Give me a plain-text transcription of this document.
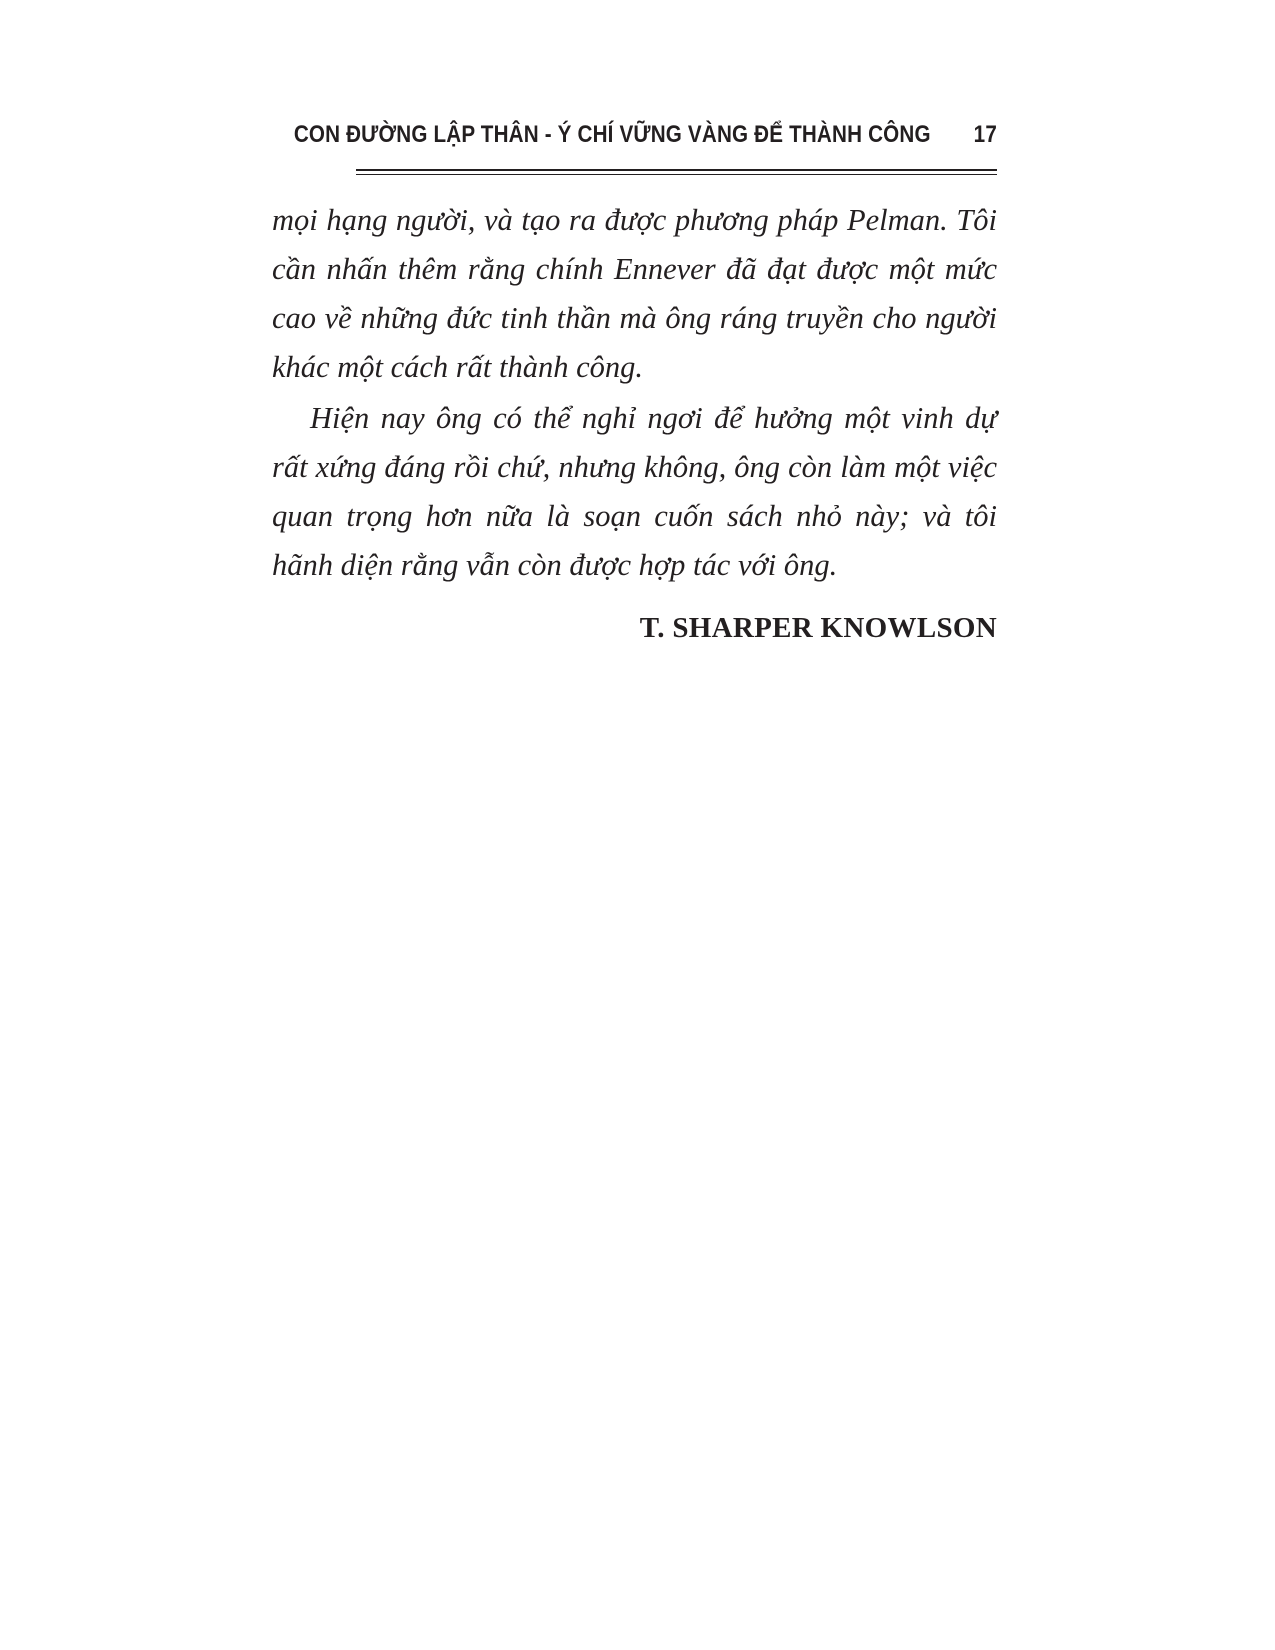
CON ĐƯỜNG LẬP THÂN - Ý CHÍ VỮNG VÀNG ĐỂ THÀNH CÔNG 17

mọi hạng người, và tạo ra được phương pháp Pelman. Tôi cần nhấn thêm rằng chính Ennever đã đạt được một mức cao về những đức tinh thần mà ông ráng truyền cho người khác một cách rất thành công.

Hiện nay ông có thể nghỉ ngơi để hưởng một vinh dự rất xứng đáng rồi chứ, nhưng không, ông còn làm một việc quan trọng hơn nữa là soạn cuốn sách nhỏ này; và tôi hãnh diện rằng vẫn còn được hợp tác với ông.

T. SHARPER KNOWLSON
